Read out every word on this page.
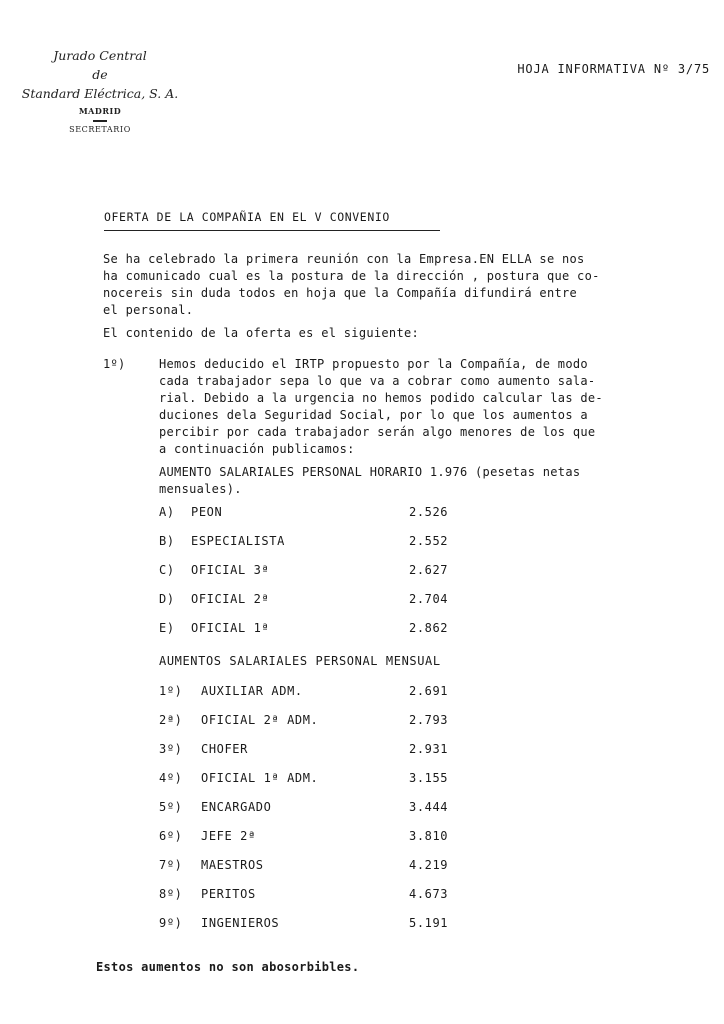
Jurado Central
de
Standard Eléctrica, S. A.
MADRID
SECRETARIO
HOJA INFORMATIVA Nº 3/75
OFERTA DE LA COMPAÑIA EN EL V CONVENIO
Se ha celebrado la primera reunión con la Empresa.EN ELLA se nos
ha comunicado cual es la postura de la dirección , postura que co-
nocereis sin duda todos en hoja que la Compañía difundirá entre
el personal.
El contenido de la oferta es el siguiente:
1º)	Hemos deducido el IRTP propuesto por la Compañía, de modo
cada trabajador sepa lo que va a cobrar como aumento sala-
rial. Debido a la urgencia no hemos podido calcular las de-
duciones dela Seguridad Social, por lo que los aumentos a
percibir por cada trabajador serán algo menores de los que
a continuación publicamos:
AUMENTO SALARIALES PERSONAL HORARIO 1.976 (pesetas netas
mensuales).
A) PEON	2.526
B) ESPECIALISTA	2.552
C) OFICIAL 3ª	2.627
D) OFICIAL 2ª	2.704
E) OFICIAL 1ª	2.862
AUMENTOS SALARIALES PERSONAL MENSUAL
1º) AUXILIAR ADM.	2.691
2ª) OFICIAL 2ª ADM.	2.793
3º) CHOFER	2.931
4º) OFICIAL 1ª ADM.	3.155
5º) ENCARGADO	3.444
6º) JEFE 2ª	3.810
7º) MAESTROS	4.219
8º) PERITOS	4.673
9º) INGENIEROS	5.191
Estos aumentos no son abosorbibles.
